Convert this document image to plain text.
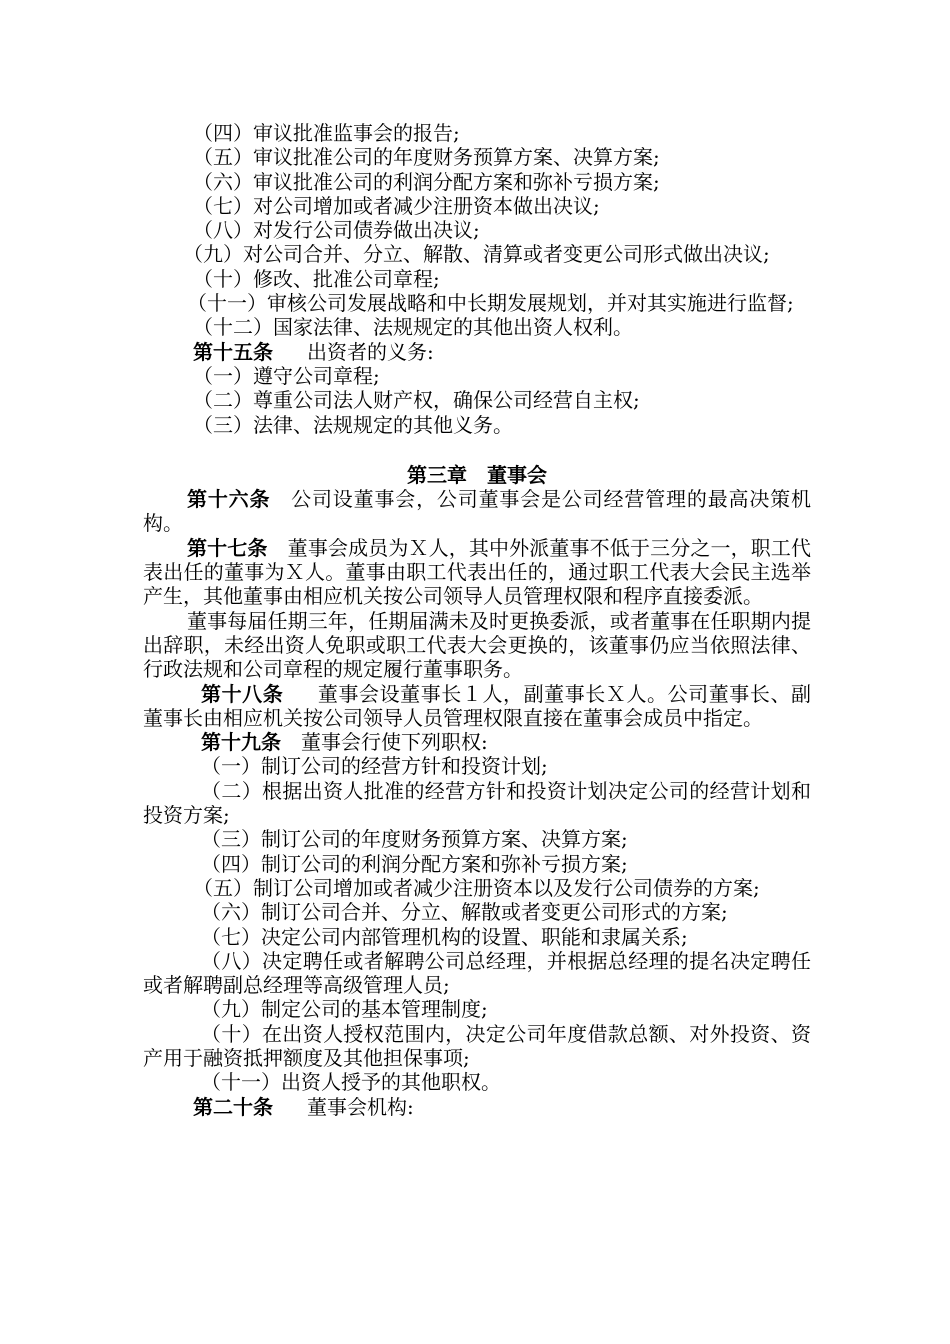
（四）审议批准监事会的报告;
（五）审议批准公司的年度财务预算方案、决算方案;
（六）审议批准公司的利润分配方案和弥补亏损方案;
（七）对公司增加或者减少注册资本做出决议;
（八）对发行公司债券做出决议;
（九）对公司合并、分立、解散、清算或者变更公司形式做出决议;
（十）修改、批准公司章程;
（十一）审核公司发展战略和中长期发展规划，并对其实施进行监督;
（十二）国家法律、法规规定的其他出资人权利。
第十五条 出资者的义务:
（一）遵守公司章程;
（二）尊重公司法人财产权，确保公司经营自主权;
（三）法律、法规规定的其他义务。
第三章　董事会
第十六条 公司设董事会，公司董事会是公司经营管理的最高决策机构。
第十七条 董事会成员为Ｘ人，其中外派董事不低于三分之一，职工代表出任的董事为Ｘ人。董事由职工代表出任的，通过职工代表大会民主选举产生，其他董事由相应机关按公司领导人员管理权限和程序直接委派。
董事每届任期三年，任期届满未及时更换委派，或者董事在任职期内提出辞职，未经出资人免职或职工代表大会更换的，该董事仍应当依照法律、行政法规和公司章程的规定履行董事职务。
第十八条 董事会设董事长１人，副董事长Ｘ人。公司董事长、副董事长由相应机关按公司领导人员管理权限直接在董事会成员中指定。
第十九条 董事会行使下列职权:
（一）制订公司的经营方针和投资计划;
（二）根据出资人批准的经营方针和投资计划决定公司的经营计划和投资方案;
（三）制订公司的年度财务预算方案、决算方案;
（四）制订公司的利润分配方案和弥补亏损方案;
（五）制订公司增加或者减少注册资本以及发行公司债券的方案;
（六）制订公司合并、分立、解散或者变更公司形式的方案;
（七）决定公司内部管理机构的设置、职能和隶属关系;
（八）决定聘任或者解聘公司总经理，并根据总经理的提名决定聘任或者解聘副总经理等高级管理人员;
（九）制定公司的基本管理制度;
（十）在出资人授权范围内，决定公司年度借款总额、对外投资、资产用于融资抵押额度及其他担保事项;
（十一）出资人授予的其他职权。
第二十条 董事会机构:
